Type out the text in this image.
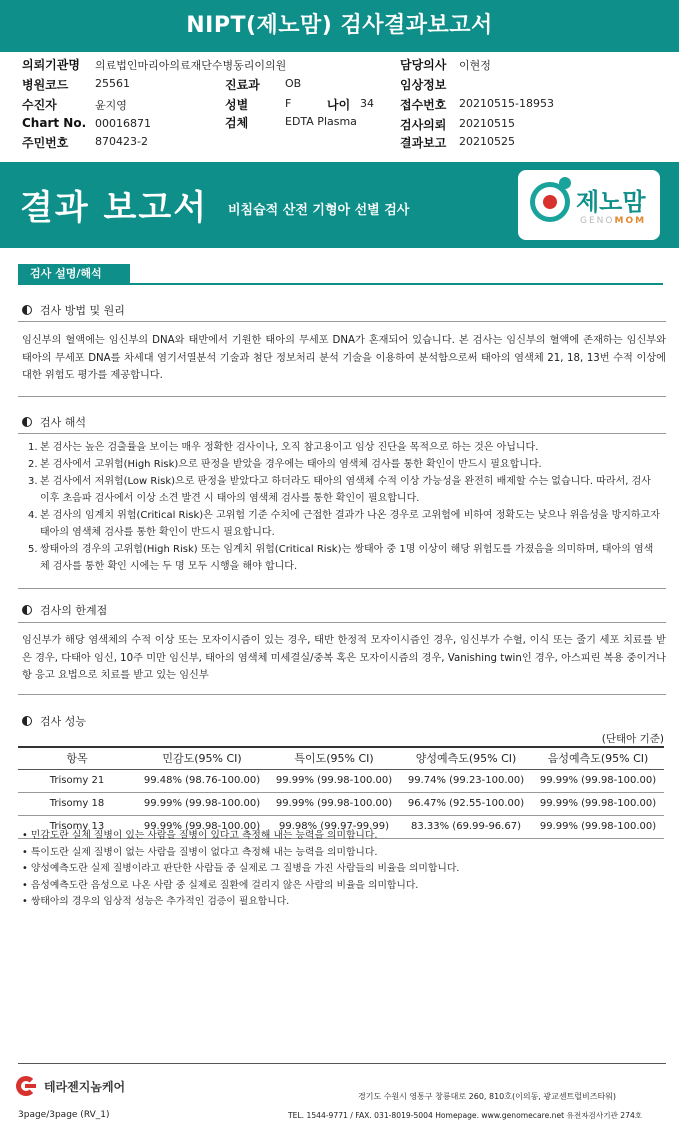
NIPT(제노맘) 검사결과보고서
의뢰기관명 의료법인마리아의료재단수병동리이의원	담당의사 이현정
병원코드 25561	진료과 OB	임상정보
수진자	윤지영	성별	F	나이 34 접수번호 20210515-18953
Chart No. 00016871	검체	EDTA Plasma	검사의뢰 20210515
주민번호 870423-2	결과보고 20210525
결과 보고서 비침습적 산전 기형아 선별 검사	제노맘
GENOMOM
검사 설명/해석
검사 방법 및 원리
임신부의 혈액에는 임신부의 DNA와 태반에서 기원한 태아의 무세포 DNA가 혼재되어 있습니다. 본 검사는 임신부의 혈액에 존재하는 임신부와 태아의 무세포 DNA를 차세대 염기서열분석 기술과 첨단 정보처리 분석 기술을 이용하여 분석함으로써 태아의 염색체 21, 18, 13번 수적 이상에 대한 위험도 평가를 제공합니다.
검사 해석
1. 본 검사는 높은 검출률을 보이는 매우 정확한 검사이나, 오직 참고용이고 임상 진단을 목적으로 하는 것은 아닙니다.
2. 본 검사에서 고위험(High Risk)으로 판정을 받았을 경우에는 태아의 염색체 검사를 통한 확인이 반드시 필요합니다.
3. 본 검사에서 저위험(Low Risk)으로 판정을 받았다고 하더라도 태아의 염색체 수적 이상 가능성을 완전히 배제할 수는 없습니다. 따라서, 검사 이후 초음파 검사에서 이상 소견 발견 시 태아의 염색체 검사를 통한 확인이 필요합니다.
4. 본 검사의 임계치 위험(Critical Risk)은 고위험 기준 수치에 근접한 결과가 나온 경우로 고위험에 비하여 정확도는 낮으나 위음성을 방지하고자 태아의 염색체 검사를 통한 확인이 반드시 필요합니다.
5. 쌍태아의 경우의 고위험(High Risk) 또는 임계치 위험(Critical Risk)는 쌍태아 중 1명 이상이 해당 위험도를 가졌음을 의미하며, 태아의 염색체 검사를 통한 확인 시에는 두 명 모두 시행을 해야 합니다.
검사의 한계점
임신부가 해당 염색체의 수적 이상 또는 모자이시즘이 있는 경우, 태반 한정적 모자이시즘인 경우, 임신부가 수혈, 이식 또는 줄기 세포 치료를 받은 경우, 다태아 임신, 10주 미만 임신부, 태아의 염색체 미세결실/중복 혹은 모자이시즘의 경우, Vanishing twin인 경우, 아스피린 복용 중이거나 항 응고 요법으로 치료를 받고 있는 임신부
검사 성능
(단태아 기준)
항목	민감도(95% CI)	특이도(95% CI)	양성예측도(95% CI)	음성예측도(95% CI)
Trisomy 21	99.48% (98.76-100.00)	99.99% (99.98-100.00)	99.74% (99.23-100.00)	99.99% (99.98-100.00)
Trisomy 18	99.99% (99.98-100.00)	99.99% (99.98-100.00)	96.47% (92.55-100.00)	99.99% (99.98-100.00)
Trisomy 13	99.99% (99.98-100.00)	99.98% (99.97-99.99)	83.33% (69.99-96.67)	99.99% (99.98-100.00)
• 민감도란 실제 질병이 있는 사람을 질병이 있다고 측정해 내는 능력을 의미합니다.
• 특이도란 실제 질병이 없는 사람을 질병이 없다고 측정해 내는 능력을 의미합니다.
• 양성예측도란 실제 질병이라고 판단한 사람들 중 실제로 그 질병을 가진 사람들의 비율을 의미합니다.
• 음성예측도란 음성으로 나온 사람 중 실제로 질환에 걸리지 않은 사람의 비율을 의미합니다.
• 쌍태아의 경우의 임상적 성능은 추가적인 검증이 필요합니다.
테라젠지놈케어
경기도 수원시 영통구 창룡대로 260, 810호(이의동, 광교센트럴비즈타워)
TEL. 1544-9771 / FAX. 031-8019-5004 Homepage. www.genomecare.net 유전자검사기관 274호
3page/3page (RV_1)
